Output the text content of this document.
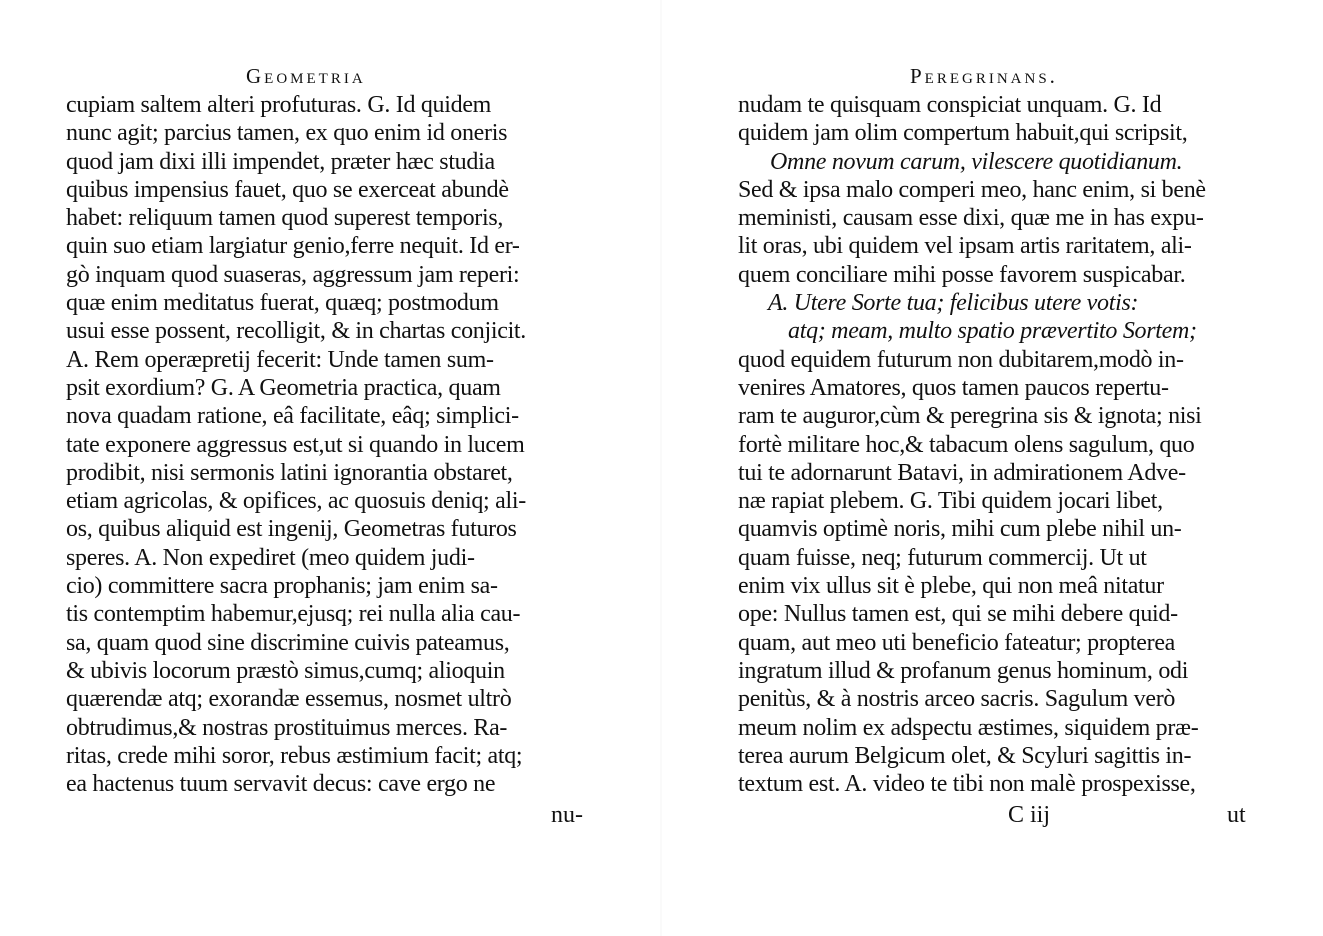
Geometria
cupiam saltem alteri profuturas. G. Id quidem
nunc agit; parcius tamen, ex quo enim id oneris
quod jam dixi illi impendet, præter hæc studia
quibus impensius fauet, quo se exerceat abundè
habet: reliquum tamen quod superest temporis,
quin suo etiam largiatur genio,ferre nequit. Id er-
gò inquam quod suaseras, aggressum jam reperi:
quæ enim meditatus fuerat, quæq; postmodum
usui esse possent, recolligit, & in chartas conjicit.
A. Rem operæpretij fecerit: Unde tamen sum-
psit exordium? G. A Geometria practica, quam
nova quadam ratione, eâ facilitate, eâq; simplici-
tate exponere aggressus est,ut si quando in lucem
prodibit, nisi sermonis latini ignorantia obstaret,
etiam agricolas, & opifices, ac quosuis deniq; ali-
os, quibus aliquid est ingenij, Geometras futuros
speres. A. Non expediret (meo quidem judi-
cio) committere sacra prophanis; jam enim sa-
tis contemptim habemur,ejusq; rei nulla alia cau-
sa, quam quod sine discrimine cuivis pateamus,
& ubivis locorum præstò simus,cumq; alioquin
quærendæ atq; exorandæ essemus, nosmet ultrò
obtrudimus,& nostras prostituimus merces. Ra-
ritas, crede mihi soror, rebus æstimium facit; atq;
ea hactenus tuum servavit decus: cave ergo ne
nu-
Peregrinans.
nudam te quisquam conspiciat unquam. G. Id
quidem jam olim compertum habuit,qui scripsit,
Omne novum carum, vilescere quotidianum.
Sed & ipsa malo comperi meo, hanc enim, si benè
meministi, causam esse dixi, quæ me in has expu-
lit oras, ubi quidem vel ipsam artis raritatem, ali-
quem conciliare mihi posse favorem suspicabar.
A. Utere Sorte tua; felicibus utere votis:
atq; meam, multo spatio prævertito Sortem;
quod equidem futurum non dubitarem,modò in-
venires Amatores, quos tamen paucos repertu-
ram te auguror,cùm & peregrina sis & ignota; nisi
fortè militare hoc,& tabacum olens sagulum, quo
tui te adornarunt Batavi, in admirationem Adve-
næ rapiat plebem. G. Tibi quidem jocari libet,
quamvis optimè noris, mihi cum plebe nihil un-
quam fuisse, neq; futurum commercij. Ut ut
enim vix ullus sit è plebe, qui non meâ nitatur
ope: Nullus tamen est, qui se mihi debere quid-
quam, aut meo uti beneficio fateatur; propterea
ingratum illud & profanum genus hominum, odi
penitùs, & à nostris arceo sacris. Sagulum verò
meum nolim ex adspectu æstimes, siquidem præ-
terea aurum Belgicum olet, & Scyluri sagittis in-
textum est. A. video te tibi non malè prospexisse,
C iij	ut
